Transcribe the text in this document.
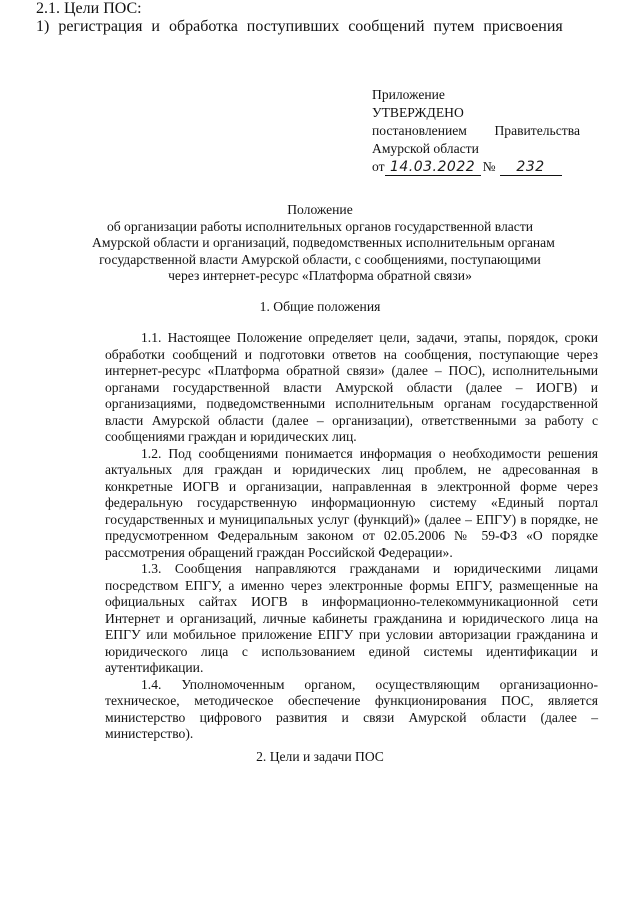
Приложение
УТВЕРЖДЕНО
постановлением Правительства
Амурской области
от 14.03.2022 №	232
Положение
об организации работы исполнительных органов государственной власти
Амурской области и организаций, подведомственных исполнительным органам
государственной власти Амурской области, с сообщениями, поступающими
через интернет-ресурс «Платформа обратной связи»
1. Общие положения

1.1. Настоящее Положение определяет цели, задачи, этапы, порядок, сроки обработки сообщений и подготовки ответов на сообщения, поступающие через интернет-ресурс «Платформа обратной связи» (далее – ПОС), исполнительными органами государственной власти Амурской области (далее – ИОГВ) и организациями, подведомственными исполнительным органам государственной власти Амурской области (далее – организации), ответственными за работу с сообщениями граждан и юридических лиц.

1.2. Под сообщениями понимается информация о необходимости решения актуальных для граждан и юридических лиц проблем, не адресованная в конкретные ИОГВ и организации, направленная в электронной форме через федеральную государственную информационную систему «Единый портал государственных и муниципальных услуг (функций)» (далее – ЕПГУ) в порядке, не предусмотренном Федеральным законом от 02.05.2006 № 59-ФЗ «О порядке рассмотрения обращений граждан Российской Федерации».

1.3. Сообщения направляются гражданами и юридическими лицами посредством ЕПГУ, а именно через электронные формы ЕПГУ, размещенные на официальных сайтах ИОГВ в информационно-телекоммуникационной сети Интернет и организаций, личные кабинеты гражданина и юридического лица на ЕПГУ или мобильное приложение ЕПГУ при условии авторизации гражданина и юридического лица с использованием единой системы идентификации и аутентификации.

1.4. Уполномоченным органом, осуществляющим организационно-техническое, методическое обеспечение функционирования ПОС, является министерство цифрового развития и связи Амурской области (далее – министерство).

2. Цели и задачи ПОС
2.1. Цели ПОС:
1) регистрация и обработка поступивших сообщений путем присвоения
